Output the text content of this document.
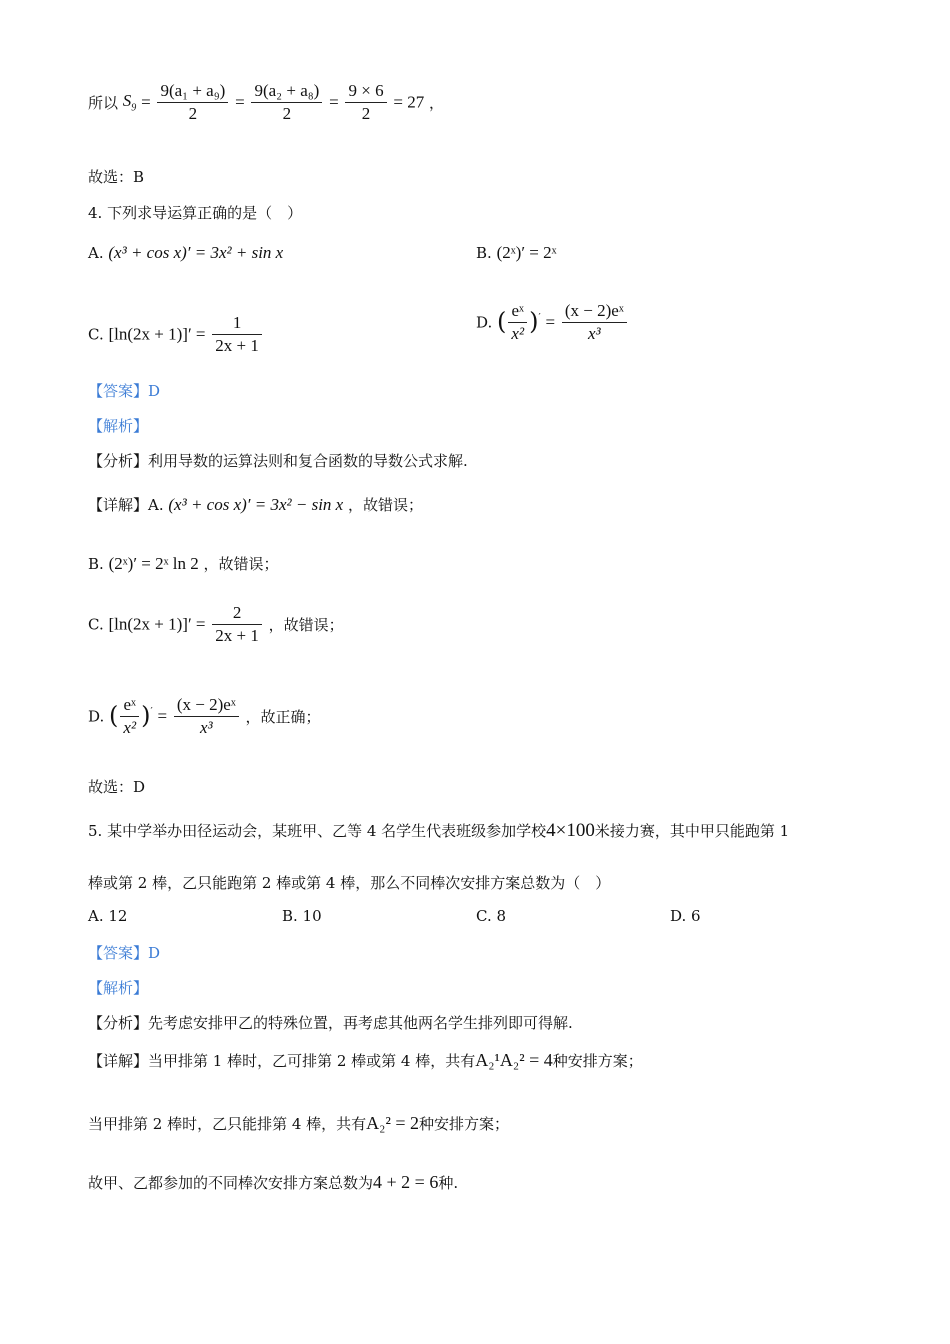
所以 $S_9 = \frac{\text{9(a₁ + a₉)}}{2} = \frac{\text{9(a₂ + a₈)}}{2} = \frac{9 \times 6}{2} = 27$ ，
故选：B
4. 下列求导运算正确的是（　）
A. (x³ + cos x)′ = 3x² + sin x	B. (2ˣ)′ = 2ˣ
C. $[\ln(2x + 1)]' = \frac{1}{2x + 1}$	D. ( $\frac{\text{eˣ}}{\text{x²}} )' = \frac{\text{(x − 2)eˣ}}{\text{x³}}$
【答案】D
【解析】
【分析】利用导数的运算法则和复合函数的导数公式求解.
【详解】A. (x³ + cos x)′ = 3x² − sin x ，故错误；
B. (2ˣ)′ = 2ˣ ln 2 ，故错误；
C. $[\ln(2x + 1)]' = \frac{2}{2x + 1}$ ，故错误；
D. ( $\frac{\text{eˣ}}{\text{x²}} )' = \frac{\text{(x − 2)eˣ}}{\text{x³}}$ ，故正确；
故选：D
5. 某中学举办田径运动会，某班甲、乙等 4 名学生代表班级参加学校4×100米接力赛，其中甲只能跑第 1
棒或第 2 棒，乙只能跑第 2 棒或第 4 棒，那么不同棒次安排方案总数为（　）
A. 12	B. 10	C. 8	D. 6
【答案】D
【解析】
【分析】先考虑安排甲乙的特殊位置，再考虑其他两名学生排列即可得解.
【详解】当甲排第 1 棒时，乙可排第 2 棒或第 4 棒，共有A₂¹A₂² = 4种安排方案；
当甲排第 2 棒时，乙只能排第 4 棒，共有A₂² = 2种安排方案；
故甲、乙都参加的不同棒次安排方案总数为4 + 2 = 6种.
